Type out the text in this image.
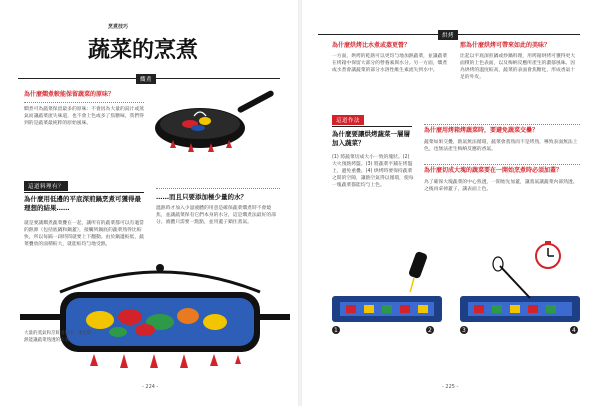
烹煮技巧
蔬菜的烹煮
燜煮
為什麼燜煮較能保留蔬菜的原味？
燜煮可為蔬菜保留最多的原味：不會因為大量的湯汁或蒸氣而讓蔬菜流失味道，也不會上色或多了焦糖味，我們得到的是蔬菜最純粹的原始風味。
這道料理有？
為什麼用低邊的平底深煎鍋烹煮可獲得最理想的結果……
就是要讓燜煮蔬菜疊在一起，讓所有的蔬菜都可以有適當的熱源（包括底鍋和鍋蓋），接觸到鍋底的蔬菜熟得比較快，所以每隔一段時間就要上下翻動。由於鍋邊較低，蔬菜疊放的面積較大，就能較均勻地受熱。
……而且只要添加極少量的水？
溫熱時才加入少量液體的用意是確保蔬菜燜煮時不會燒焦，並讓蔬菜保有它們本身的水分，這是燜煮法最好的部分。液體只需要一點點，並用蓋子鎖住蒸氣。
大量的蒸氣和烹飪過程中，產生的熱能讓蔬菜熟透的水氣。
- 224 -
烘烤
為什麼烘烤比水煮或蒸更營？
一方面，烘烤的乾熱可以更均勻地加熱蔬菜，並讓蔬菜在烤箱中保留大部分的營養素與水分。另一方面，燜煮或水煮會讓蔬菜的部分水溶性維生素流失到水中。
那為什麼烘烤可帶來如此的美味？
比起以平底深煎鍋或炒鍋料理，用烤箱烘烤可獲得更大面積的上色表面，以及梅納反應所產生的濃郁風味。因為烘烤的溫度較高，蔬菜的表面會焦糖化，形成香氣十足的外皮。
這道作法
為什麼要讓烘烤蔬菜一層層加入蔬菜？
(1) 將蔬菜切成大小一致的塊狀。(2) 大火預熱烤盤。(3) 將蔬菜平鋪在烤盤上，避免重疊。(4) 烘烤時要保持蔬菜之間的空隙，讓熱空氣得以循環，使每一塊蔬菜都能均勻上色。
為什麼用烤箱烤蔬菜時，要避免蔬菜交疊？
蔬菜如果交疊，熱氣無法循環，蔬菜會蒸熟而不是烤熟，導致表面無法上色，也無法產生梅納反應的香氣。
為什麼切成大塊的蔬菜要在一開始烹煮時必須加蓋？
為了確保大塊蔬菜的中心熟透，一開始先加蓋，讓蒸氣讓蔬菜內部熟透。之後再拿掉蓋子，讓表面上色。
1	2	3	4
- 225 -
